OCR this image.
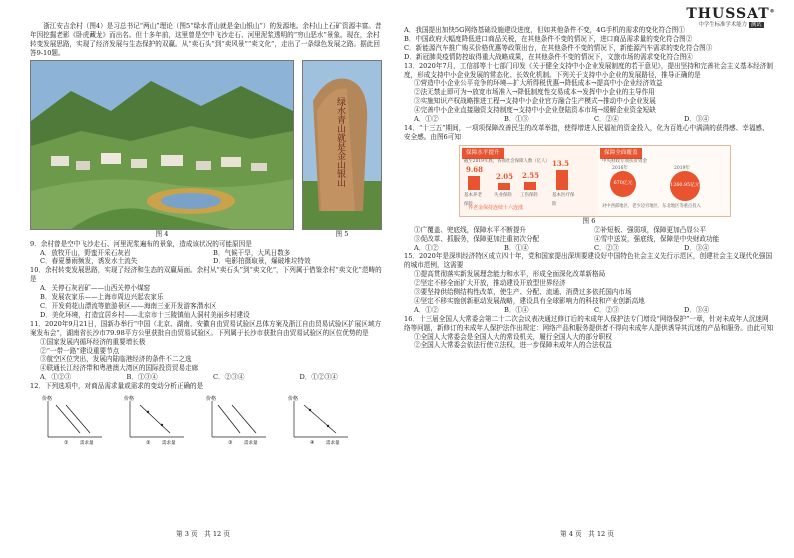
THUSSAT®
中学生标准学术能力 测试

浙江安吉余村（图4）是习总书记“两山”理论（图5“绿水青山就是金山银山”）的发源地。余村山上石矿资源丰富。昔年因挖掘老影《卧虎藏龙》而出名。但十多年前，这里曾是空中飞沙走石、河里泥浆透明的“穷山恶水”景象。现在，余村转变发展思路，实现了经济发展与生态保护的双赢。从“卖石头”到“卖风景”“卖文化”，走出了一条绿色发展之路。据此回答9-10题。

图 4
绿水青山就是金山银山
图 5

9．余村曾是空中飞沙走石、河里泥浆遍布的景象，造成该状况的可能原因是

A．放牧开山，野蛮开采石灰岩	B．气候干旱，大风日数多

C．春夏暴雨频发，诱发水土流失	D．电影拍摄取景，爆破堆垃特效

10．余村转变发展思路，实现了经济和生态的双赢局面。余村从“卖石头”到“卖文化”，下列属于借鉴余村“卖文化”范畴的是

A．关停石灰岩矿——山西关停小煤窑

B．发展农家乐——上海市周边兴起农家乐

C．开发荷花山漂流等旅游景区——海南三亚开发游客潜水区

D．美化环境，打造宜居乡村——北京市十三陵镇仙人洞村美丽乡村建设

11．2020年9月21日，国新办举行“中国（北京、湖南、安徽自由贸易试验区总体方案及浙江自由贸易试验区扩展区域方案发布会”，湖南省长沙市79.98平方公里获批自由贸易试验区。下列属于长沙市获批自由贸易试验区的区位优势的是

①国家发展内循环经济的重要增长极

②“一带一路”建设重要节点

③航空区位突出，发展内陆临港经济的条件不二之选

④联通长江经济带和粤港澳大湾区的国际投资贸易走廊

A．①②③	B．①③④	C．②③④	D．①②③④

12．下列选项中，对商品需求量或需求的变动分析正确的是

价格
①	需求量
价格
②	需求量
价格
③	需求量
价格
④	需求量
第 3 页　共 12 页

A．我国提出加快5G网络基础设施建设进度，但如其他条件不变，4G手机的需求的变化符合图①

B．中国政府大幅度降低进口商品关税，在其他条件不变的情况下，进口商品需求量的变化符合图②

C．新能源汽车推广购买价格优惠等政策出台，在其他条件不变的情况下，新能源汽车需求的变化符合图③

D．新冠肺炎疫情防控取得重大战略成果，在其他条件不变的情况下，文旅市场的需求变化符合图④

13．2020年7月，工信部等十七部门印发《关于健全支持中小企业发展制度的若干意见》，提出坚持和完善社会主义基本经济制度，形成支持中小企业发展的常态化、长效化机制。下列关于支持中小企业的发展路径，推导正确的是

①营造中小企业公平竞争的环境—扩大所得税优惠→降低成本→提高中小企业经济效益

②法无禁止即可为→放宽市场准入→降低制度性交易成本→发挥中小企业的主导作用

③实施知识产权战略推进工程→支持中小企业官方融合生产模式→推动中小企业发展

④完善中小企业直接融资支持制度→支持中小企业登陆资本市场→缓解企业资金短缺

A．①②	B．①③	C．②④	D．③④

14．“十三五”期间，一项项保障改善民生的改革举措，使得增进人民福祉的资金投入，化为百姓心中满满的获得感、幸福感、安全感。由图6可知

保障水平提升
截至2019年底，各项社会保障人数（亿人）
9.68
2.05 2.55
13.5
基本养老保险
失业保险	工伤保险	基本医疗保险
养老金保持连续十六连涨
保障全面覆盖
中央财政专项扶贫资金
2016年	2019年
670亿元	1260.95亿元
对中西部地区、老少边穷地区、东北地区等重点投入
图 6

①广覆盖、兜底线，保障水平不断提升	②补短板、强弱项，保障更加凸显公平

③促改革、抓服务，保障更加注重初次分配	④雪中送炭，强底线，保障是中央财政功能

A．①②	B．①④	C．②③	D．③④

15．2020年是深圳经济特区成立四十年，党和国家提出深圳要建设好中国特色社会主义先行示范区，创建社会主义现代化强国的城市范例，这需要

①提高贯彻落实新发展理念能力和水平，形成全面深化改革新格局

②坚定不移全面扩大开放，推动建设开放型世界经济

③要坚持供给侧结构性改革，使生产、分配、流通、消费过多依托国内市场

④坚定不移实施创新驱动发展战略，建设具有全球影响力的科技和产业创新高地

A．①②	B．①④	C．②③	D．③④

16．十三届全国人大常委会第二十二次会议表决通过修订后的未成年人保护法专门增设“网络保护”一章，针对未成年人沉迷网络等问题，新修订的未成年人保护法作出规定：网络产品和服务提供者不得向未成年人提供诱导其沉迷的产品和服务。由此可知

①全国人大常委会是全国人大的常设机关，履行全国人大的部分职权

②全国人大常委会依法行使立法权，进一步保障未成年人的合法权益

第 4 页　共 12 页
